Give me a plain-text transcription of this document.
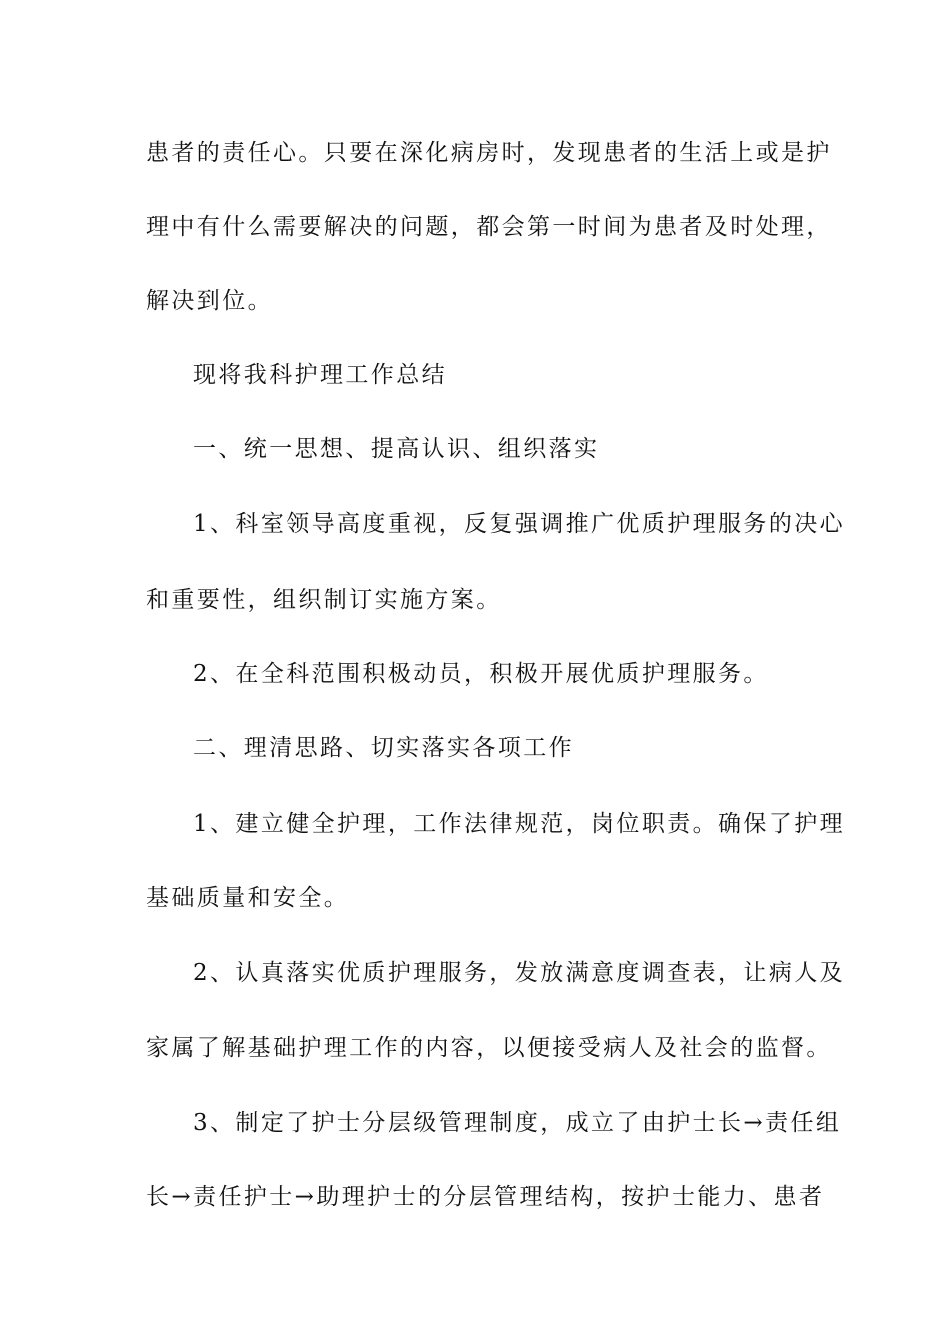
患者的责任心。只要在深化病房时，发现患者的生活上或是护
理中有什么需要解决的问题，都会第一时间为患者及时处理，
解决到位。
现将我科护理工作总结
一、统一思想、提高认识、组织落实
1、科室领导高度重视，反复强调推广优质护理服务的决心
和重要性，组织制订实施方案。
2、在全科范围积极动员，积极开展优质护理服务。
二、理清思路、切实落实各项工作
1、建立健全护理，工作法律规范，岗位职责。确保了护理
基础质量和安全。
2、认真落实优质护理服务，发放满意度调查表，让病人及
家属了解基础护理工作的内容，以便接受病人及社会的监督。
3、制定了护士分层级管理制度，成立了由护士长→责任组
长→责任护士→助理护士的分层管理结构，按护士能力、患者
